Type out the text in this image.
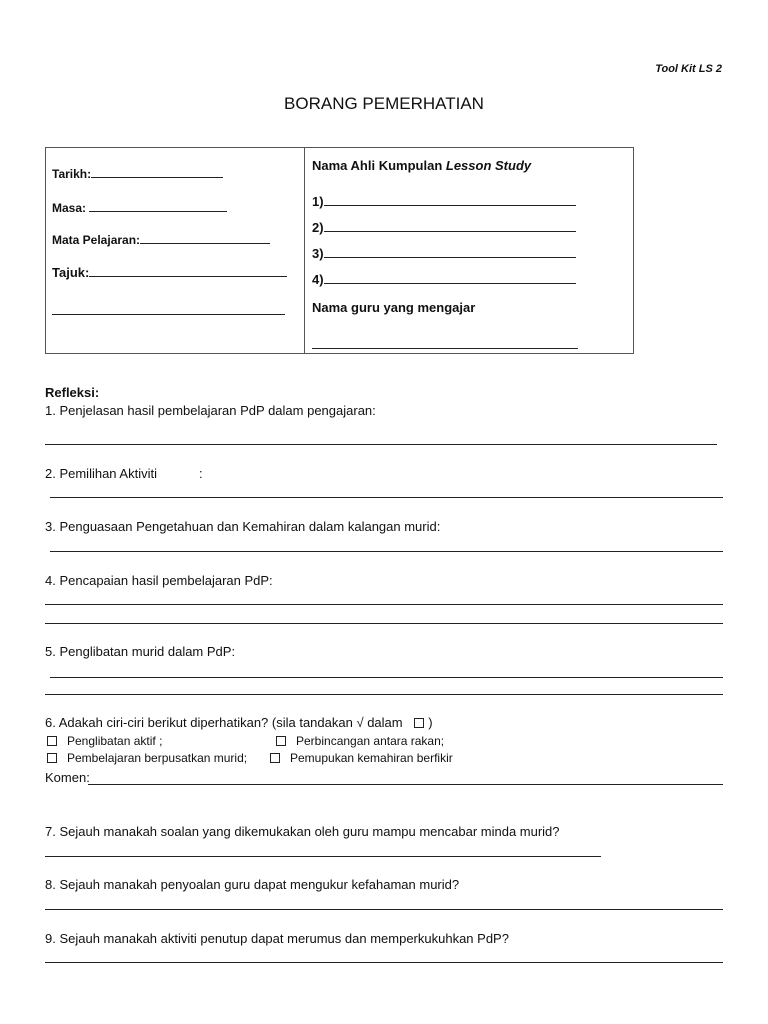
Tool Kit LS 2
BORANG PEMERHATIAN
Tarikh:
Masa:
Mata Pelajaran:
Tajuk:
Nama Ahli Kumpulan Lesson Study
1)
2)
3)
4)
Nama guru yang mengajar
Refleksi:
1. Penjelasan hasil pembelajaran PdP dalam pengajaran:
2. Pemilihan Aktiviti	:
3. Penguasaan Pengetahuan dan Kemahiran dalam kalangan murid:
4. Pencapaian hasil pembelajaran PdP:
5. Penglibatan murid dalam PdP:
6. Adakah ciri-ciri berikut diperhatikan? (sila tandakan √ dalam )
Penglibatan aktif ;	Perbincangan antara rakan;
Pembelajaran berpusatkan murid;	Pemupukan kemahiran berfikir
Komen:
7. Sejauh manakah soalan yang dikemukakan oleh guru mampu mencabar minda murid?
8. Sejauh manakah penyoalan guru dapat mengukur kefahaman murid?
9. Sejauh manakah aktiviti penutup dapat merumus dan memperkukuhkan PdP?
